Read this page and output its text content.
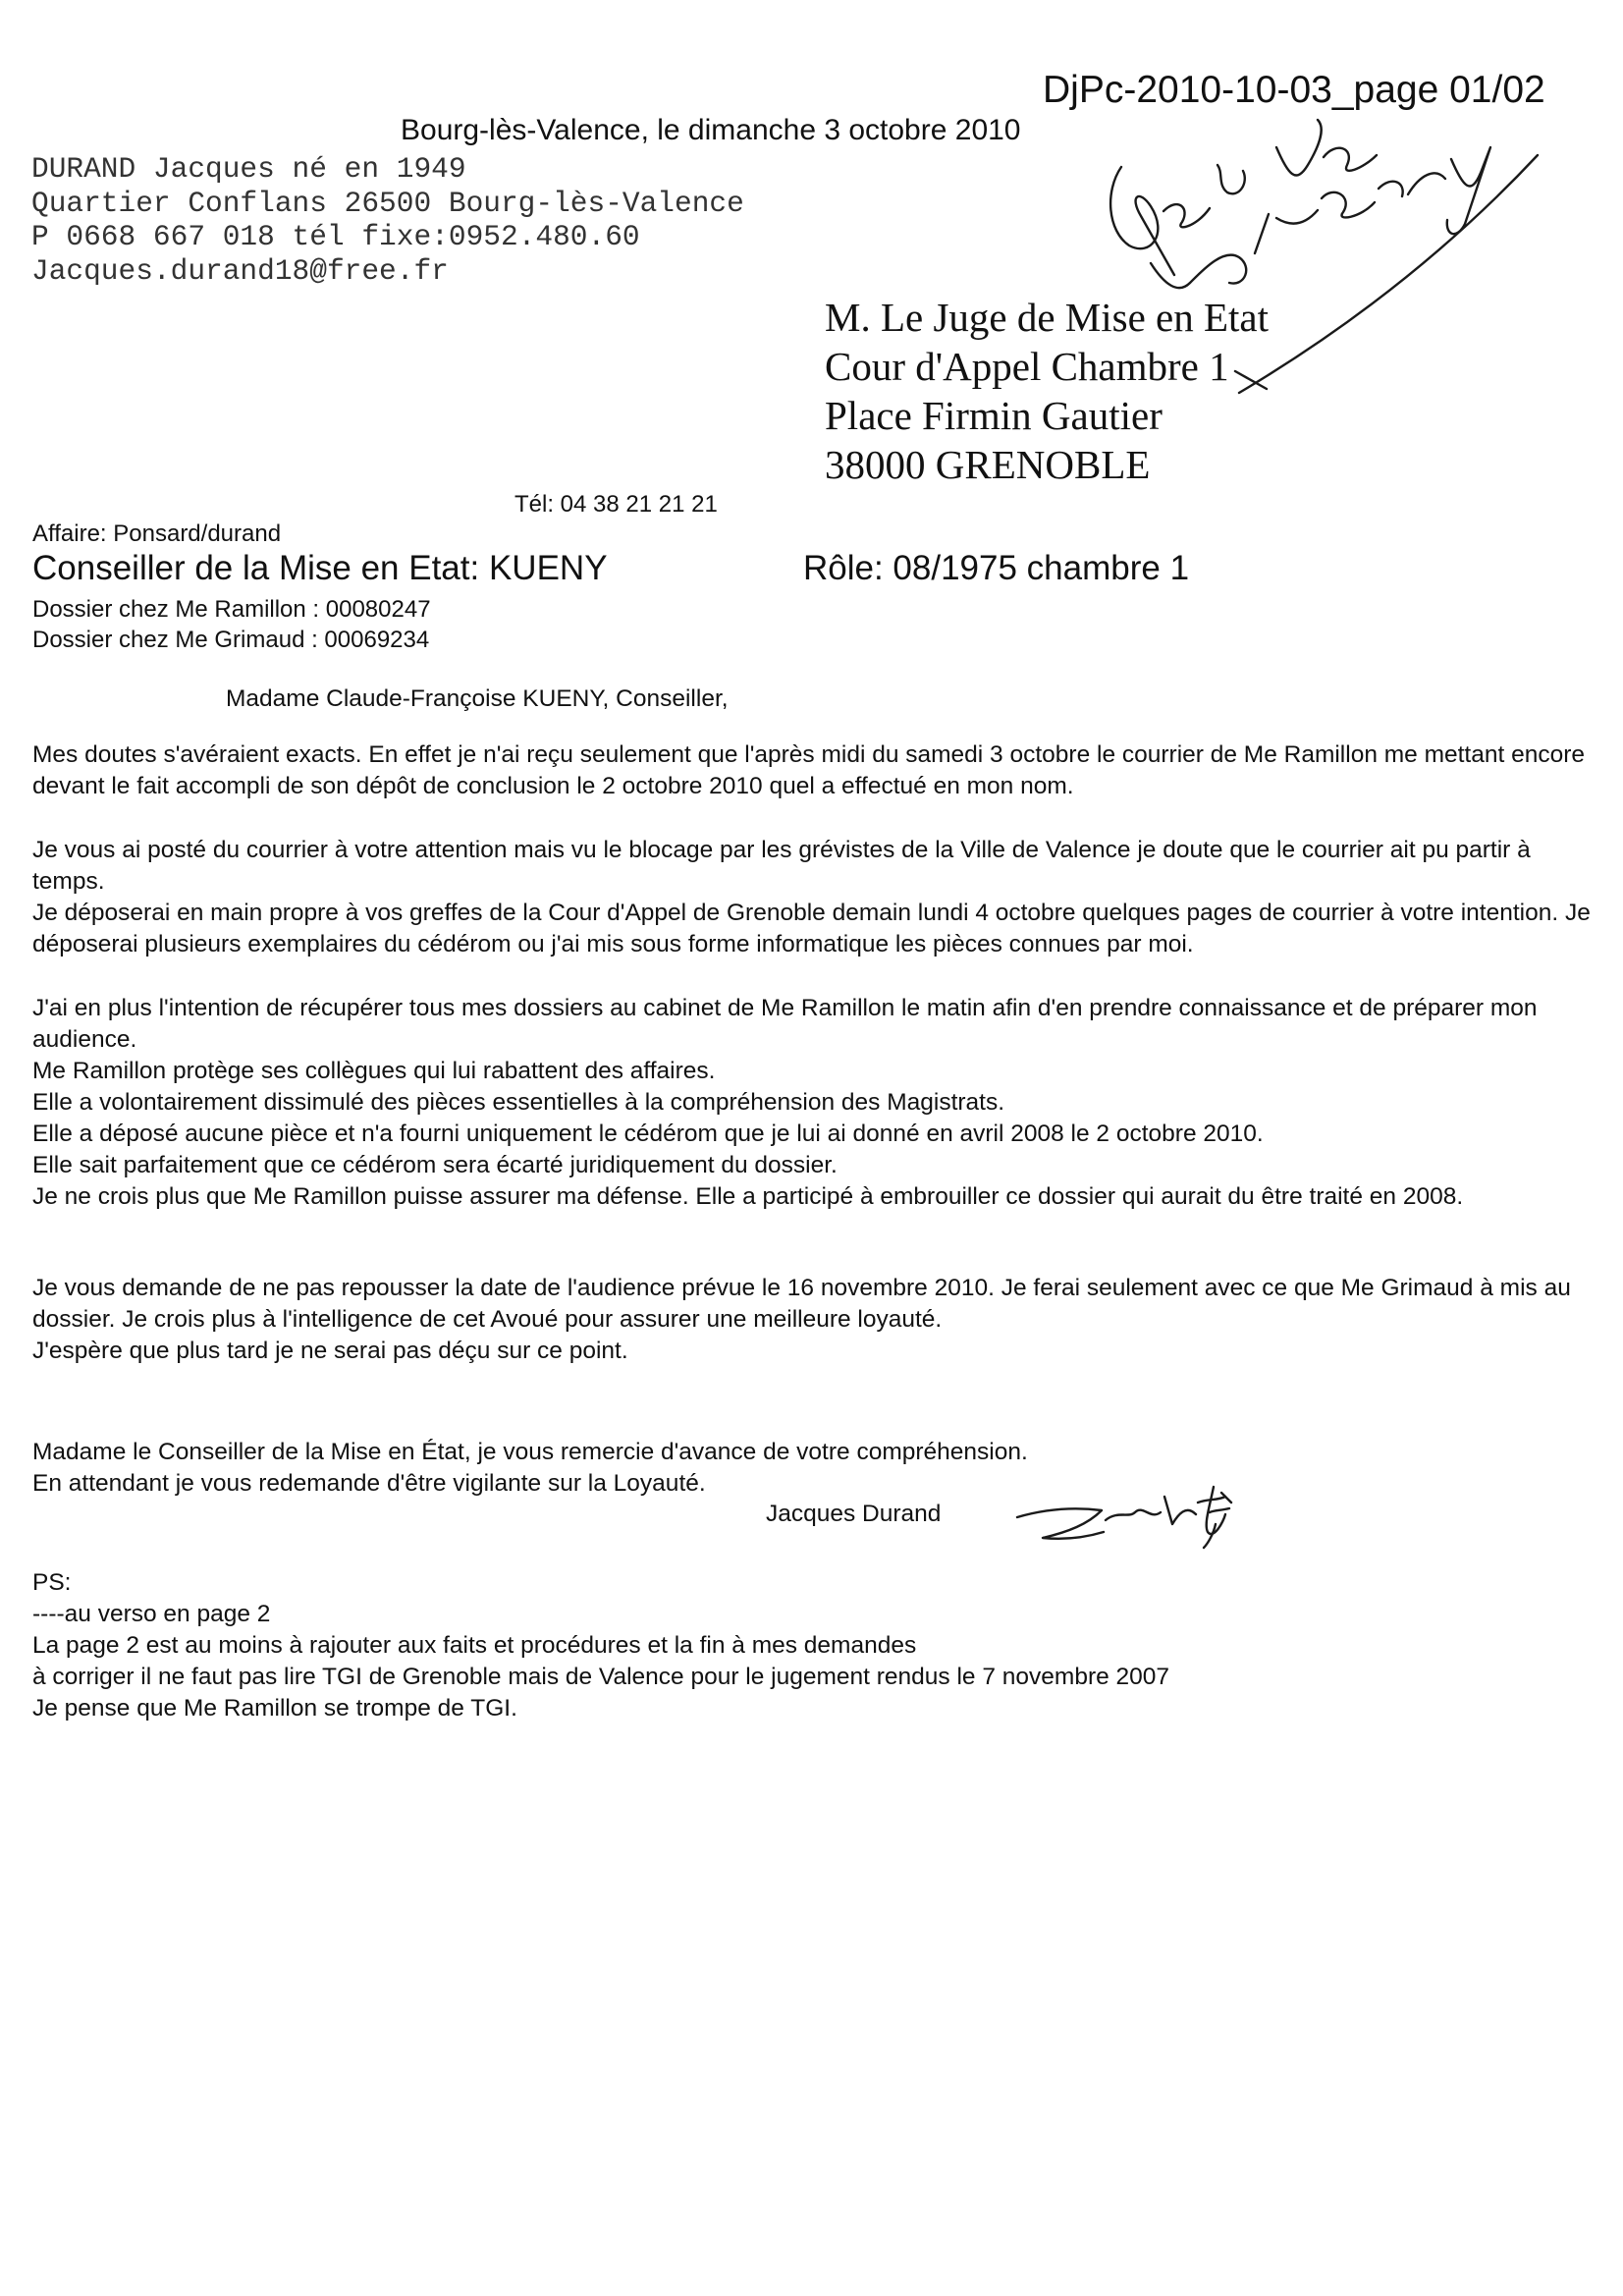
DjPc-2010-10-03_page 01/02
Bourg-lès-Valence, le dimanche 3 octobre 2010
DURAND Jacques né en 1949
Quartier Conflans 26500 Bourg-lès-Valence
P 0668 667 018 tél fixe:0952.480.60
Jacques.durand18@free.fr
M. Le Juge de Mise en Etat
Cour d'Appel Chambre 1
Place Firmin Gautier
38000 GRENOBLE
Tél: 04 38 21 21 21
Affaire: Ponsard/durand
Conseiller de la Mise en Etat: KUENY	Rôle: 08/1975 chambre 1
Dossier chez Me Ramillon : 00080247
Dossier chez Me Grimaud : 00069234
Madame Claude-Françoise KUENY, Conseiller,

Mes doutes s'avéraient exacts. En effet je n'ai reçu seulement que l'après midi du samedi 3 octobre le courrier de Me Ramillon me mettant encore devant le fait accompli de son dépôt de conclusion le 2 octobre 2010 quel a effectué en mon nom.

Je vous ai posté du courrier à votre attention mais vu le blocage par les grévistes de la Ville de Valence je doute que le courrier ait pu partir à temps.

Je déposerai en main propre à vos greffes de la Cour d'Appel de Grenoble demain lundi 4 octobre quelques pages de courrier à votre intention. Je déposerai plusieurs exemplaires du cédérom ou j'ai mis sous forme informatique les pièces connues par moi.

J'ai en plus l'intention de récupérer tous mes dossiers au cabinet de Me Ramillon le matin afin d'en prendre connaissance et de préparer mon audience.

Me Ramillon protège ses collègues qui lui rabattent des affaires.

Elle a volontairement dissimulé des pièces essentielles à la compréhension des Magistrats.

Elle a déposé aucune pièce et n'a fourni uniquement le cédérom que je lui ai donné en avril 2008 le 2 octobre 2010.

Elle sait parfaitement que ce cédérom sera écarté juridiquement du dossier.

Je ne crois plus que Me Ramillon puisse assurer ma défense. Elle a participé à embrouiller ce dossier qui aurait du être traité en 2008.

Je vous demande de ne pas repousser la date de l'audience prévue le 16 novembre 2010. Je ferai seulement avec ce que Me Grimaud à mis au dossier. Je crois plus à l'intelligence de cet Avoué pour assurer une meilleure loyauté.

J'espère que plus tard je ne serai pas déçu sur ce point.

Madame le Conseiller de la Mise en État, je vous remercie d'avance de votre compréhension.
En attendant je vous redemande d'être vigilante sur la Loyauté.
Jacques Durand
PS:
----au verso en page 2
La page 2 est au moins à rajouter aux faits et procédures et la fin à mes demandes
à corriger il ne faut pas lire TGI de Grenoble mais de Valence pour le jugement rendus le 7 novembre 2007
Je pense que Me Ramillon se trompe de TGI.
